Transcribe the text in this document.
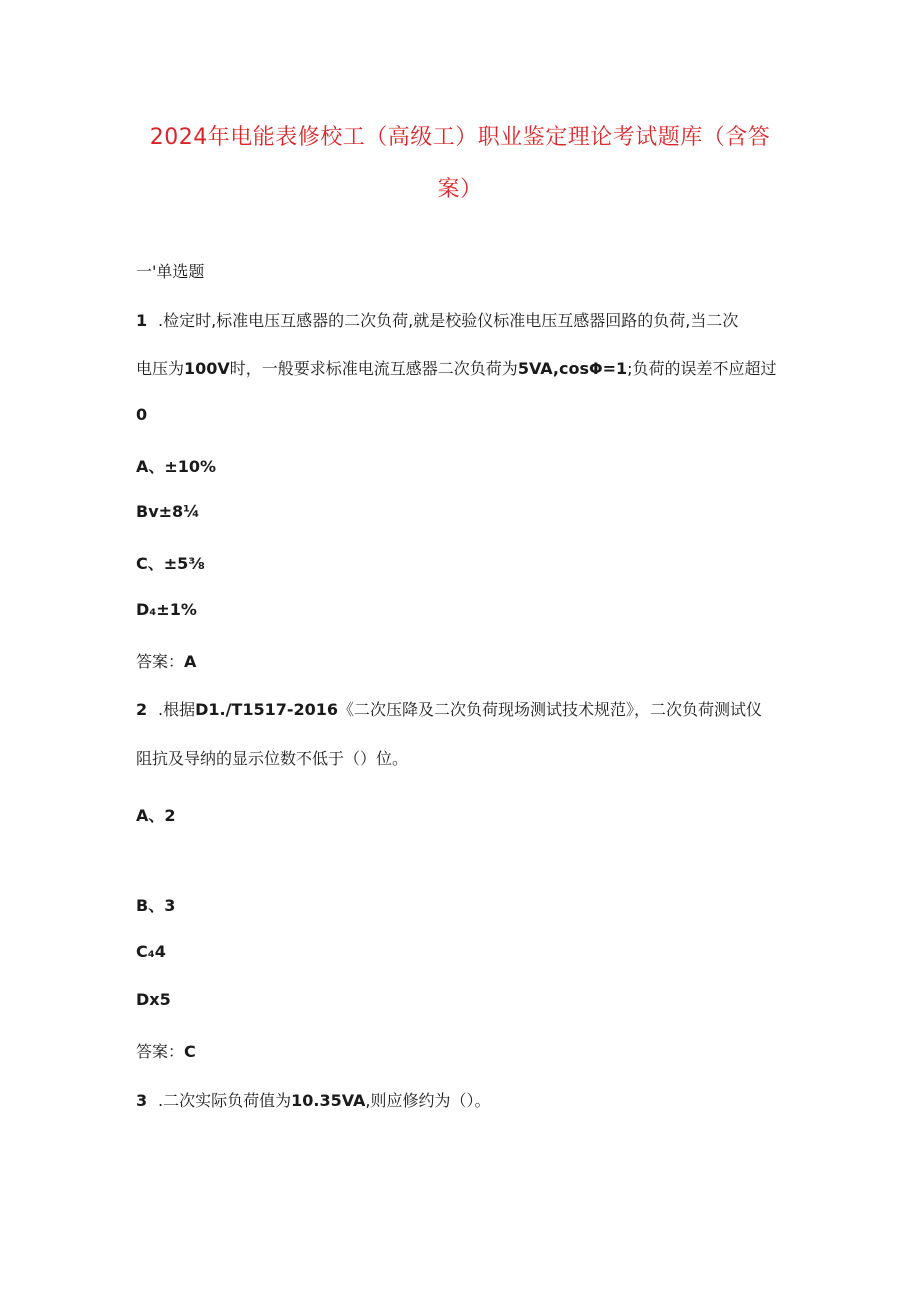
2024年电能表修校工（高级工）职业鉴定理论考试题库（含答
案）
一'单选题
1 .检定时,标准电压互感器的二次负荷,就是校验仪标准电压互感器回路的负荷,当二次
电压为100V时，一般要求标准电流互感器二次负荷为5VA,cosΦ=1;负荷的误差不应超过
0
A、±10%
Bv±8¼
C、±5⅜
D₄±1%
答案：A
2 .根据D1./T1517-2016《二次压降及二次负荷现场测试技术规范》，二次负荷测试仪
阻抗及导纳的显示位数不低于（）位。
A、2
B、3
C₄4
Dx5
答案：C
3 .二次实际负荷值为10.35VA,则应修约为（）。
